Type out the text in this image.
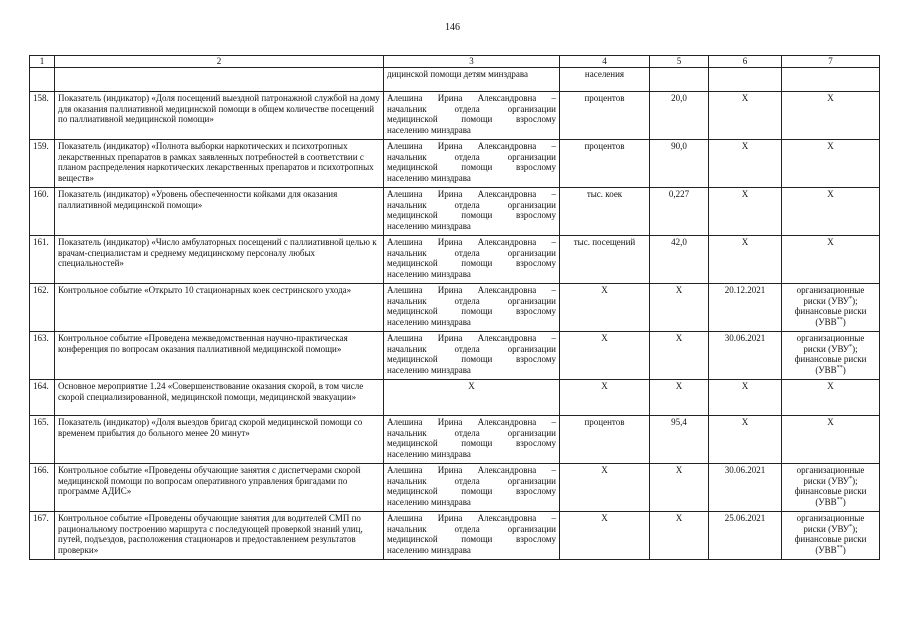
146
1	2	3	4	5	6	7
		дицинской помощи детям минздрава	населения			
158.	Показатель (индикатор) «Доля посещений выездной патронажной службой на дому для оказания паллиативной медицинской помощи в общем количестве посещений по паллиативной медицинской помощи»	Алешина Ирина Александровна – начальник отдела организации медицинской помощи взрослому населению минздрава	процентов	20,0	Х	Х
159.	Показатель (индикатор) «Полнота выборки наркотических и психотропных лекарственных препаратов в рамках заявленных потребностей в соответствии с планом распределения наркотических лекарственных препаратов и психотропных веществ»	Алешина Ирина Александровна – начальник отдела организации медицинской помощи взрослому населению минздрава	процентов	90,0	Х	Х
160.	Показатель (индикатор) «Уровень обеспеченности койками для оказания паллиативной медицинской помощи»	Алешина Ирина Александровна – начальник отдела организации медицинской помощи взрослому населению минздрава	тыс. коек	0,227	Х	Х
161.	Показатель (индикатор) «Число амбулаторных посещений с паллиативной целью к врачам-специалистам и среднему медицинскому персоналу любых специальностей»	Алешина Ирина Александровна – начальник отдела организации медицинской помощи взрослому населению минздрава	тыс. посещений	42,0	Х	Х
162.	Контрольное событие «Открыто 10 стационарных коек сестринского ухода»	Алешина Ирина Александровна – начальник отдела организации медицинской помощи взрослому населению минздрава	Х	Х	20.12.2021	организационные риски (УВУ*); финансовые риски (УВВ**)
163.	Контрольное событие «Проведена межведомственная научно-практическая конференция по вопросам оказания паллиативной медицинской помощи»	Алешина Ирина Александровна – начальник отдела организации медицинской помощи взрослому населению минздрава	Х	Х	30.06.2021	организационные риски (УВУ*); финансовые риски (УВВ**)
164.	Основное мероприятие 1.24 «Совершенствование оказания скорой, в том числе скорой специализированной, медицинской помощи, медицинской эвакуации»	Х	Х	Х	Х	Х
165.	Показатель (индикатор) «Доля выездов бригад скорой медицинской помощи со временем прибытия до больного менее 20 минут»	Алешина Ирина Александровна – начальник отдела организации медицинской помощи взрослому населению минздрава	процентов	95,4	Х	Х
166.	Контрольное событие «Проведены обучающие занятия с диспетчерами скорой медицинской помощи по вопросам оперативного управления бригадами по программе АДИС»	Алешина Ирина Александровна – начальник отдела организации медицинской помощи взрослому населению минздрава	Х	Х	30.06.2021	организационные риски (УВУ*); финансовые риски (УВВ**)
167.	Контрольное событие «Проведены обучающие занятия для водителей СМП по рациональному построению маршрута с последующей проверкой знаний улиц, путей, подъездов, расположения стационаров и предоставлением результатов проверки»	Алешина Ирина Александровна – начальник отдела организации медицинской помощи взрослому населению минздрава	Х	Х	25.06.2021	организационные риски (УВУ*); финансовые риски (УВВ**)
